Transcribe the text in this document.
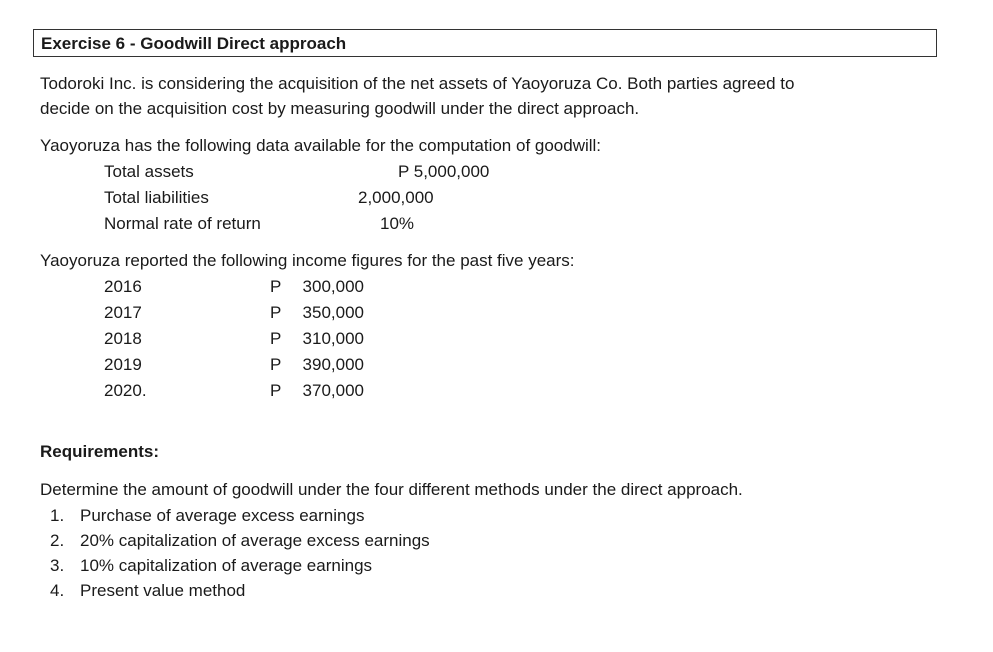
Exercise 6 - Goodwill Direct approach
Todoroki Inc. is considering the acquisition of the net assets of Yaoyoruza Co. Both parties agreed to
decide on the acquisition cost by measuring goodwill under the direct approach.
Yaoyoruza has the following data available for the computation of goodwill:
Total assets	P 5,000,000
Total liabilities	2,000,000
Normal rate of return	10%
Yaoyoruza reported the following income figures for the past five years:
2016	P 300,000
2017	P 350,000
2018	P 310,000
2019	P 390,000
2020.	P 370,000
Requirements:
Determine the amount of goodwill under the four different methods under the direct approach.
1. Purchase of average excess earnings
2. 20% capitalization of average excess earnings
3. 10% capitalization of average earnings
4. Present value method
